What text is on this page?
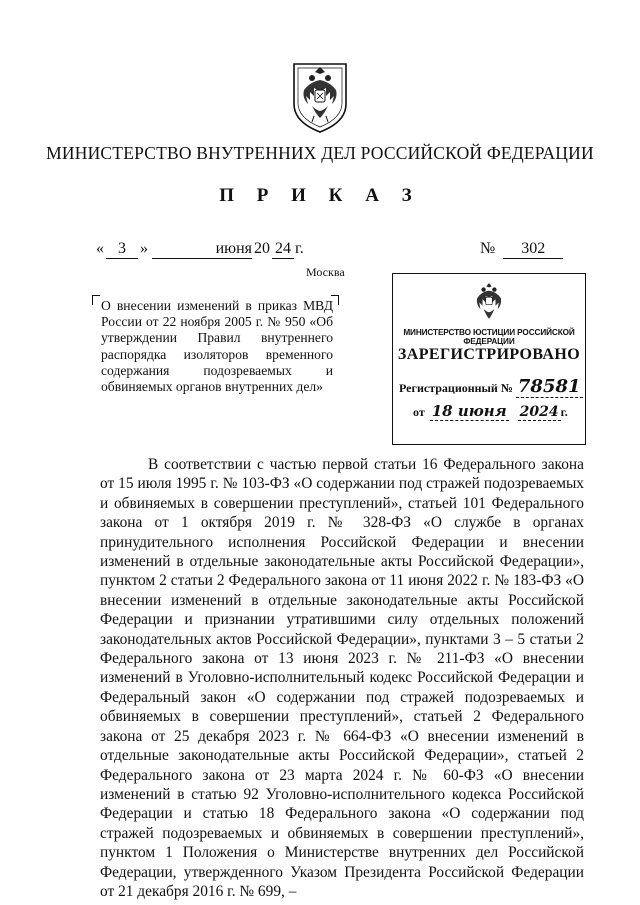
МИНИСТЕРСТВО ВНУТРЕННИХ ДЕЛ РОССИЙСКОЙ ФЕДЕРАЦИИ
П Р И К А З
« 3 »	июня 20 24 г.
Москва
№ 302
О внесении изменений в приказ МВД России от 22 ноября 2005 г. № 950 «Об утверждении Правил внутреннего распорядка изоляторов временного содержания подозреваемых и обвиняемых органов внутренних дел»
МИНИСТЕРСТВО ЮСТИЦИИ РОССИЙСКОЙ ФЕДЕРАЦИИ
ЗАРЕГИСТРИРОВАНО
Регистрационный № 78581
от 18 июня 2024 г.
В соответствии с частью первой статьи 16 Федерального закона от 15 июля 1995 г. № 103-ФЗ «О содержании под стражей подозреваемых и обвиняемых в совершении преступлений», статьей 101 Федерального закона от 1 октября 2019 г. № 328-ФЗ «О службе в органах принудительного исполнения Российской Федерации и внесении изменений в отдельные законодательные акты Российской Федерации», пунктом 2 статьи 2 Федерального закона от 11 июня 2022 г. № 183-ФЗ «О внесении изменений в отдельные законодательные акты Российской Федерации и признании утратившими силу отдельных положений законодательных актов Российской Федерации», пунктами 3 – 5 статьи 2 Федерального закона от 13 июня 2023 г. № 211-ФЗ «О внесении изменений в Уголовно-исполнительный кодекс Российской Федерации и Федеральный закон «О содержании под стражей подозреваемых и обвиняемых в совершении преступлений», статьей 2 Федерального закона от 25 декабря 2023 г. № 664-ФЗ «О внесении изменений в отдельные законодательные акты Российской Федерации», статьей 2 Федерального закона от 23 марта 2024 г. № 60-ФЗ «О внесении изменений в статью 92 Уголовно-исполнительного кодекса Российской Федерации и статью 18 Федерального закона «О содержании под стражей подозреваемых и обвиняемых в совершении преступлений», пунктом 1 Положения о Министерстве внутренних дел Российской Федерации, утвержденного Указом Президента Российской Федерации от 21 декабря 2016 г. № 699, –
